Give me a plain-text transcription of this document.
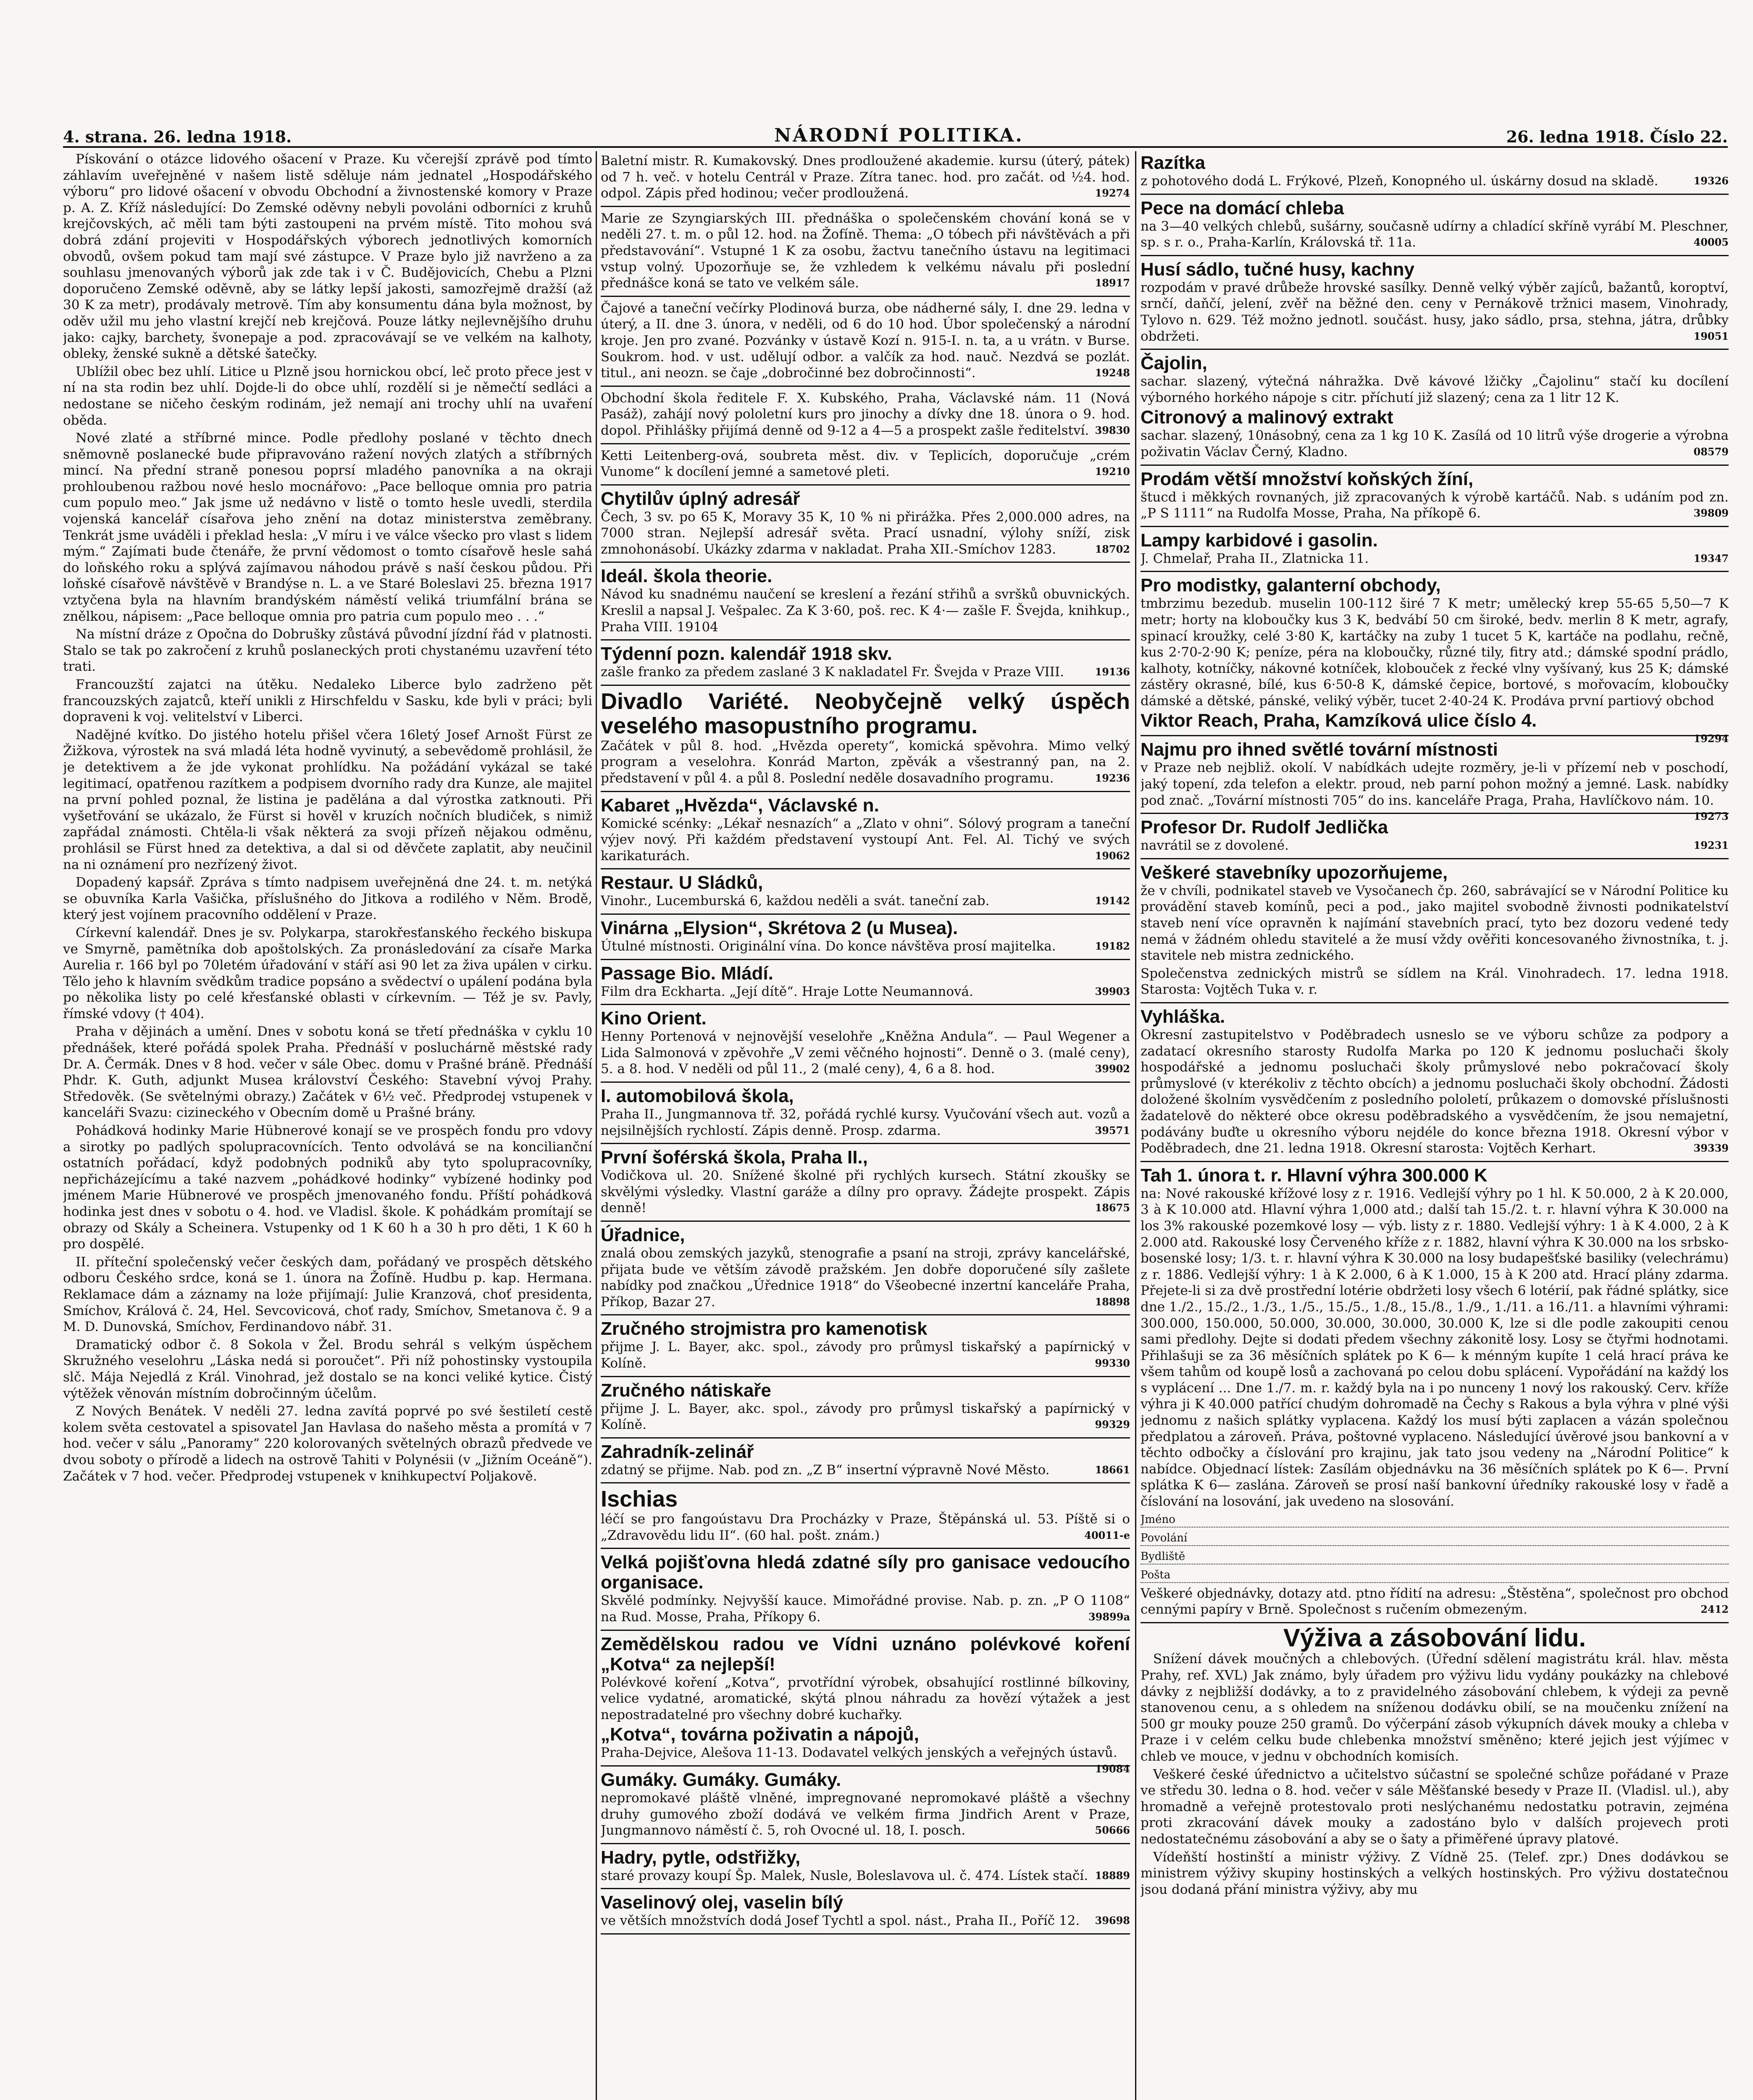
4. strana. 26. ledna 1918.	NÁRODNÍ POLITIKA.	26. ledna 1918. Číslo 22.

Pískování o otázce lidového ošacení v Praze. Ku včerejší zprávě pod tímto záhlavím uveřejněné v našem listě sděluje nám jednatel „Hospodářského výboru“ pro lidové ošacení v obvodu Obchodní a živnostenské komory v Praze p. A. Z. Kříž následující: Do Zemské oděvny nebyli povoláni odborníci z kruhů krejčovských, ač měli tam býti zastoupeni na prvém místě. Tito mohou svá dobrá zdání projeviti v Hospodářských výborech jednotlivých komorních obvodů, ovšem pokud tam mají své zástupce. V Praze bylo již navrženo a za souhlasu jmenovaných výborů jak zde tak i v Č. Budějovicích, Chebu a Plzni doporučeno Zemské oděvně, aby se látky lepší jakosti, samozřejmě dražší (až 30 K za metr), prodávaly metrově. Tím aby konsumentu dána byla možnost, by oděv užil mu jeho vlastní krejčí neb krejčová. Pouze látky nejlevnějšího druhu jako: cajky, barchety, švonepaje a pod. zpracovávají se ve velkém na kalhoty, obleky, ženské sukně a dětské šatečky.

Ublížil obec bez uhlí. Litice u Plzně jsou hornickou obcí, leč proto přece jest v ní na sta rodin bez uhlí. Dojde-li do obce uhlí, rozdělí si je němečtí sedláci a nedostane se ničeho českým rodinám, jež nemají ani trochy uhlí na uvaření oběda.

Nové zlaté a stříbrné mince. Podle předlohy poslané v těchto dnech sněmovně poslanecké bude připravováno ražení nových zlatých a stříbrných mincí. Na přední straně ponesou poprsí mladého panovníka a na okraji prohloubenou ražbou nové heslo mocnářovo: „Pace belloque omnia pro patria cum populo meo.“ Jak jsme už nedávno v listě o tomto hesle uvedli, sterdila vojenská kancelář císařova jeho znění na dotaz ministerstva zeměbrany. Tenkrát jsme uváděli i překlad hesla: „V míru i ve válce všecko pro vlast s lidem mým.“ Zajímati bude čtenáře, že první vědomost o tomto císařově hesle sahá do loňského roku a splývá zajímavou náhodou právě s naší českou půdou. Při loňské císařově návštěvě v Brandýse n. L. a ve Staré Boleslavi 25. března 1917 vztyčena byla na hlavním brandýském náměstí veliká triumfální brána se znělkou, nápisem: „Pace belloque omnia pro patria cum populo meo . . .“

Na místní dráze z Opočna do Dobrušky zůstává původní jízdní řád v platnosti. Stalo se tak po zakročení z kruhů poslaneckých proti chystanému uzavření této trati.

Francouzští zajatci na útěku. Nedaleko Liberce bylo zadrženo pět francouzských zajatců, kteří unikli z Hirschfeldu v Sasku, kde byli v práci; byli dopraveni k voj. velitelství v Liberci.

Nadějné kvítko. Do jistého hotelu přišel včera 16letý Josef Arnošt Fürst ze Žižkova, výrostek na svá mladá léta hodně vyvinutý, a sebevědomě prohlásil, že je detektivem a že jde vykonat prohlídku. Na požádání vykázal se také legitimací, opatřenou razítkem a podpisem dvorního rady dra Kunze, ale majitel na první pohled poznal, že listina je padělána a dal výrostka zatknouti. Při vyšetřování se ukázalo, že Fürst si hověl v kruzích nočních bludiček, s nimiž zapřádal známosti. Chtěla-li však některá za svoji přízeň nějakou odměnu, prohlásil se Fürst hned za detektiva, a dal si od děvčete zaplatit, aby neučinil na ni oznámení pro nezřízený život.

Dopadený kapsář. Zpráva s tímto nadpisem uveřejněná dne 24. t. m. netýká se obuvníka Karla Vašička, příslušného do Jitkova a rodilého v Něm. Brodě, který jest vojínem pracovního oddělení v Praze.

Církevní kalendář. Dnes je sv. Polykarpa, starokřesťanského řeckého biskupa ve Smyrně, pamětníka dob apoštolských. Za pronásledování za císaře Marka Aurelia r. 166 byl po 70letém úřadování v stáří asi 90 let za živa upálen v cirku. Tělo jeho k hlavním svědkům tradice popsáno a svědectví o upálení podána byla po několika listy po celé křesťanské oblasti v církevním. — Též je sv. Pavly, římské vdovy († 404).

Praha v dějinách a umění. Dnes v sobotu koná se třetí přednáška v cyklu 10 přednášek, které pořádá spolek Praha. Přednáší v posluchárně městské rady Dr. A. Čermák. Dnes v 8 hod. večer v sále Obec. domu v Prašné bráně. Přednáší Phdr. K. Guth, adjunkt Musea království Českého: Stavební vývoj Prahy. Středověk. (Se světelnými obrazy.) Začátek v 6½ več. Předprodej vstupenek v kanceláři Svazu: cizineckého v Obecním domě u Prašné brány.

Pohádková hodinky Marie Hübnerové konají se ve prospěch fondu pro vdovy a sirotky po padlých spolupracovnících. Tento odvolává se na koncilianční ostatních pořádací, když podobných podniků aby tyto spolupracovníky, nepřicházejícímu a také nazvem „pohádkové hodinky“ vybízené hodinky pod jménem Marie Hübnerové ve prospěch jmenovaného fondu. Příští pohádková hodinka jest dnes v sobotu o 4. hod. ve Vladisl. škole. K pohádkám promítají se obrazy od Skály a Scheinera. Vstupenky od 1 K 60 h a 30 h pro děti, 1 K 60 h pro dospělé.

II. příteční společenský večer českých dam, pořádaný ve prospěch dětského odboru Českého srdce, koná se 1. února na Žofíně. Hudbu p. kap. Hermana. Reklamace dám a záznamy na loże přijímají: Julie Kranzová, choť presidenta, Smíchov, Králová č. 24, Hel. Sevcovicová, choť rady, Smíchov, Smetanova č. 9 a M. D. Dunovská, Smíchov, Ferdinandovo nábř. 31.

Dramatický odbor č. 8 Sokola v Žel. Brodu sehrál s velkým úspěchem Skružného veselohru „Láska nedá si poroučet“. Při níž pohostinsky vystoupila slč. Mája Nejedlá z Král. Vinohrad, jež dostalo se na konci veliké kytice. Čistý výtěžek věnován místním dobročinným účelům.

Z Nových Benátek. V neděli 27. ledna zavítá poprvé po své šestiletí cestě kolem světa cestovatel a spisovatel Jan Havlasa do našeho města a promítá v 7 hod. večer v sálu „Panoramy“ 220 kolorovaných světelných obrazů předvede ve dvou soboty o přírodě a lidech na ostrově Tahiti v Polynésii (v „Jižním Oceáně“). Začátek v 7 hod. večer. Předprodej vstupenek v knihkupectví Poljakově.

Baletní mistr. R. Kumakovský. Dnes prodloužené akademie. kursu (úterý, pátek) od 7 h. več. v hotelu Centrál v Praze. Zítra tanec. hod. pro začát. od ½4. hod. odpol. Zápis před hodinou; večer prodloužená.	19274

Marie ze Szyngiarských III. přednáška o společenském chování koná se v neděli 27. t. m. o půl 12. hod. na Žofíně. Thema: „O tóbech při návštěvách a při představování“. Vstupné 1 K za osobu, žactvu tanečního ústavu na legitimaci vstup volný. Upozorňuje se, že vzhledem k velkému návalu při poslední přednášce koná se tato ve velkém sále.	18917

Čajové a taneční večírky Plodinová burza, obe nádherné sály, I. dne 29. ledna v úterý, a II. dne 3. února, v neděli, od 6 do 10 hod. Úbor společenský a národní kroje. Jen pro zvané. Pozvánky v ústavě Kozí n. 915-I. n. ta, a u vrátn. v Burse. Soukrom. hod. v ust. udělují odbor. a valčík za hod. nauč. Nezdvá se pozlát. titul., ani neozn. se čaje „dobročinné bez dobročinnosti“.	19248

Obchodní škola ředitele F. X. Kubského, Praha, Václavské nám. 11 (Nová Pasáž), zahájí nový pololetní kurs pro jinochy a dívky dne 18. února o 9. hod. dopol. Přihlášky přijímá denně od 9-12 a 4—5 a prospekt zašle ředitelství. 39830

Ketti Leitenberg-ová, soubreta měst. div. v Teplicích, doporučuje „crém Vunome“ k docílení jemné a sametové pleti.	19210

Chytilův úplný adresář

Čech, 3 sv. po 65 K, Moravy 35 K, 10 % ni přirážka. Přes 2,000.000 adres, na 7000 stran. Nejlepší adresář světa. Prací usnadní, výlohy sníží, zisk zmnohonásobí. Ukázky zdarma v nakladat. Praha XII.-Smíchov 1283.	18702

Ideál. škola theorie.

Návod ku snadnému naučení se kreslení a řezání střihů a svršků obuvnických. Kreslil a napsal J. Vešpalec. Za K 3·60, poš. rec. K 4·— zašle F. Švejda, knihkup., Praha VIII. 19104

Týdenní pozn. kalendář 1918 skv.

zašle franko za předem zaslané 3 K nakladatel Fr. Švejda v Praze VIII.	19136

Divadlo Variété. Neobyčejně velký úspěch veselého masopustního programu.

Začátek v půl 8. hod. „Hvězda operety“, komická spěvohra. Mimo velký program a veselohra. Konrád Marton, zpěvák a všestranný pan, na 2. představení v půl 4. a půl 8. Poslední neděle dosavadního programu.	19236

Kabaret „Hvězda“, Václavské n.

Komické scénky: „Lékař nesnazích“ a „Zlato v ohni“. Sólový program a taneční výjev nový. Při každém představení vystoupí Ant. Fel. Al. Tichý ve svých karikaturách.	19062

Restaur. U Sládků,

Vinohr., Lucemburská 6, každou neděli a svát. taneční zab.	19142

Vinárna „Elysion“, Skrétova 2 (u Musea).

Útulné místnosti. Originální vína. Do konce návštěva prosí majitelka.	19182

Passage Bio. Mládí.

Film dra Eckharta. „Její dítě“. Hraje Lotte Neumannová.	39903

Kino Orient.

Henny Portenová v nejnovější veselohře „Kněžna Andula“. — Paul Wegener a Lida Salmonová v zpěvohře „V zemi věčného hojnosti“. Denně o 3. (malé ceny), 5. a 8. hod. V neděli od půl 11., 2 (malé ceny), 4, 6 a 8. hod.	39902

I. automobilová škola,

Praha II., Jungmannova tř. 32, pořádá rychlé kursy. Vyučování všech aut. vozů a nejsilnějších rychlostí. Zápis denně. Prosp. zdarma.	39571

První šoférská škola, Praha II.,

Vodičkova ul. 20. Snížené školné při rychlých kursech. Státní zkoušky se skvělými výsledky. Vlastní garáže a dílny pro opravy. Žádejte prospekt. Zápis denně!	18675

Úřadnice,

znalá obou zemských jazyků, stenografie a psaní na stroji, zprávy kancelářské, přijata bude ve větším závodě pražském. Jen dobře doporučené síly zašlete nabídky pod značkou „Úřednice 1918“ do Všeobecné inzertní kanceláře Praha, Příkop, Bazar 27.	18898

Zručného strojmistra pro kamenotisk

přijme J. L. Bayer, akc. spol., závody pro průmysl tiskařský a papírnický v Kolíně.	99330

Zručného nátiskaře

přijme J. L. Bayer, akc. spol., závody pro průmysl tiskařský a papírnický v Kolíně.	99329

Zahradník-zelinář

zdatný se přijme. Nab. pod zn. „Z B“ insertní výpravně Nové Město.	18661

Ischias

léčí se pro fangoústavu Dra Procházky v Praze, Štěpánská ul. 53. Píště si o „Zdravovědu lidu II“. (60 hal. pošt. znám.)	40011-e

Velká pojišťovna hledá zdatné síly pro ganisace vedoucího organisace.

Skvělé podmínky. Nejvyšší kauce. Mimořádné provise. Nab. p. zn. „P O 1108“ na Rud. Mosse, Praha, Příkopy 6.	39899a

Zemědělskou radou ve Vídni uznáno polévkové koření „Kotva“ za nejlepší!

Polévkové koření „Kotva“, prvotřídní výrobek, obsahující rostlinné bílkoviny, velice vydatné, aromatické, skýtá plnou náhradu za hovězí výtažek a jest nepostradatelné pro všechny dobré kuchařky.

„Kotva“, továrna poživatin a nápojů,

Praha-Dejvice, Alešova 11-13. Dodavatel velkých jenských a veřejných ústavů.
19084

Gumáky. Gumáky. Gumáky.

nepromokavé pláště vlněné, impregnované nepromokavé pláště a všechny druhy gumového zboží dodává ve velkém firma Jindřich Arent v Praze, Jungmannovo náměstí č. 5, roh Ovocné ul. 18, I. posch.	50666

Hadry, pytle, odstřižky,

staré provazy koupí Šp. Malek, Nusle, Boleslavova ul. č. 474. Lístek stačí. 18889

Vaselinový olej, vaselin bílý

ve větších množstvích dodá Josef Tychtl a spol. nást., Praha II., Poříč 12. 39698

Razítka

z pohotového dodá L. Frýkové, Plzeň, Konopného ul. úskárny dosud na skladě.	19326

Pece na domácí chleba

na 3—40 velkých chlebů, sušárny, současně udírny a chladící skříně vyrábí M. Pleschner, sp. s r. o., Praha-Karlín, Královská tř. 11a.	40005

Husí sádlo, tučné husy, kachny

rozpodám v pravé drůbeže hrovské sasílky. Denně velký výběr zajíců, bažantů, koroptví, srnčí, daňčí, jelení, zvěř na běžné den. ceny v Pernákově tržnici masem, Vinohrady, Tylovo n. 629. Též možno jednotl. součást. husy, jako sádlo, prsa, stehna, játra, drůbky obdržeti.	19051

Čajolin,

sachar. slazený, výtečná náhražka. Dvě kávové lžičky „Čajolinu“ stačí ku docílení výborného horkého nápoje s citr. příchutí již slazený; cena za 1 litr 12 K.

Citronový a malinový extrakt

sachar. slazený, 10násobný, cena za 1 kg 10 K. Zasílá od 10 litrů výše drogerie a výrobna poživatin Václav Černý, Kladno.	08579

Prodám větší množství koňských žíní,

štucd i měkkých rovnaných, již zpracovaných k výrobě kartáčů. Nab. s udáním pod zn. „P S 1111“ na Rudolfa Mosse, Praha, Na příkopě 6.	39809

Lampy karbidové i gasolin.

J. Chmelař, Praha II., Zlatnicka 11.	19347

Pro modistky, galanterní obchody,

tmbrzimu bezedub. muselin 100-112 širé 7 K metr; umělecký krep 55-65 5,50—7 K metr; horty na kloboučky kus 3 K, bedvábí 50 cm široké, bedv. merlin 8 K metr, agrafy, spinací kroužky, celé 3·80 K, kartáčky na zuby 1 tucet 5 K, kartáče na podlahu, rečně, kus 2·70-2·90 K; peníze, péra na kloboučky, různé tily, fitry atd.; dámské spodní prádlo, kalhoty, kotníčky, nákovné kotníček, klobouček z řecké vlny vyšívaný, kus 25 K; dámské zástěry okrasné, bílé, kus 6·50-8 K, dámské čepice, bortové, s mořovacím, kloboučky dámské a dětské, pánské, veliký výběr, tucet 2·40-24 K. Prodáva první partiový obchod

Viktor Reach, Praha, Kamzíková ulice číslo 4.

19294

Najmu pro ihned světlé tovární místnosti

v Praze neb nejbliž. okolí. V nabídkách udejte rozměry, je-li v přízemí neb v poschodí, jaký topení, zda telefon a elektr. proud, neb parní pohon možný a jemné. Lask. nabídky pod znač. „Tovární místnosti 705“ do ins. kanceláře Praga, Praha, Havlíčkovo nám. 10.
19273

Profesor Dr. Rudolf Jedlička

navrátil se z dovolené.	19231

Veškeré stavebníky upozorňujeme,

že v chvíli, podnikatel staveb ve Vysočanech čp. 260, sabrávající se v Národní Politice ku provádění staveb komínů, peci a pod., jako majitel svobodně živnosti podnikatelství staveb není více opravněn k najímání stavebních prací, tyto bez dozoru vedené tedy nemá v žádném ohledu stavitelé a že musí vždy ověřiti koncesovaného živnostníka, t. j. stavitele neb mistra zednického.

Společenstva zednických mistrů se sídlem na Král. Vinohradech. 17. ledna 1918. Starosta: Vojtěch Tuka v. r.

Vyhláška.

Okresní zastupitelstvo v Poděbradech usneslo se ve výboru schůze za podpory a zadatací okresního starosty Rudolfa Marka po 120 K jednomu posluchači školy hospodářské a jednomu posluchači školy průmyslové nebo pokračovací školy průmyslové (v kterékoliv z těchto obcích) a jednomu posluchači školy obchodní. Žádosti doložené školním vysvědčením z posledního pololetí, průkazem o domovské příslušnosti žadatelově do některé obce okresu poděbradského a vysvědčením, že jsou nemajetní, podávány buďte u okresního výboru nejdéle do konce března 1918. Okresní výbor v Poděbradech, dne 21. ledna 1918. Okresní starosta: Vojtěch Kerhart.	39339

Tah 1. února t. r. Hlavní výhra 300.000 K

na: Nové rakouské křížové losy z r. 1916. Vedlejší výhry po 1 hl. K 50.000, 2 à K 20.000, 3 à K 10.000 atd. Hlavní výhra 1,000 atd.; další tah 15./2. t. r. hlavní výhra K 30.000 na los 3% rakouské pozemkové losy — výb. listy z r. 1880. Vedlejší výhry: 1 à K 4.000, 2 à K 2.000 atd. Rakouské losy Červeného kříže z r. 1882, hlavní výhra K 30.000 na los srbsko-bosenské losy; 1/3. t. r. hlavní výhra K 30.000 na losy budapešťské basiliky (velechrámu) z r. 1886. Vedlejší výhry: 1 à K 2.000, 6 à K 1.000, 15 à K 200 atd. Hrací plány zdarma. Přejete-li si za dvě prostřední lotérie obdržeti losy všech 6 lotérií, pak řádné splátky, sice dne 1./2., 15./2., 1./3., 1./5., 15./5., 1./8., 15./8., 1./9., 1./11. a 16./11. a hlavními výhrami: 300.000, 150.000, 50.000, 30.000, 30.000, 30.000 K, lze si dle podle zakoupiti cenou sami předlohy. Dejte si dodati předem všechny zákonitě losy. Losy se čtyřmi hodnotami. Přihlašuji se za 36 měsíčních splátek po K 6— k ménným kupíte 1 celá hrací práva ke všem tahům od koupě losů a zachovaná po celou dobu splácení. Vypořádání na každý los s vyplácení ... Dne 1./7. m. r. každý byla na i po nunceny 1 nový los rakouský. Cerv. kříže výhra ji K 40.000 patřící chudým dohromadě na Čechy s Rakous a byla výhra v plné výši jednomu z našich splátky vyplacena. Každý los musí býti zaplacen a vázán společnou předplatou a zároveň. Práva, poštovné vyplaceno. Následující úvěrové jsou bankovní a v těchto odbočky a číslování pro krajinu, jak tato jsou vedeny na „Národní Politice“ k nabídce. Objednací lístek: Zasílám objednávku na 36 měsíčních splátek po K 6—. První splátka K 6— zaslána. Zároveň se prosí naší bankovní úředníky rakouské losy v řadě a číslování na losování, jak uvedeno na slosování.

Jméno
Povolání
Bydliště
Pošta

Veškeré objednávky, dotazy atd. ptno řídití na adresu: „Štěstěna“, společnost pro obchod cennými papíry v Brně. Společnost s ručením obmezeným.	2412

Výživa a zásobování lidu.

Snížení dávek moučných a chlebových. (Úřední sdělení magistrátu král. hlav. města Prahy, ref. XVL) Jak známo, byly úřadem pro výživu lidu vydány poukázky na chlebové dávky z nejbližší dodávky, a to z pravidelného zásobování chlebem, k výdeji za pevně stanovenou cenu, a s ohledem na sníženou dodávku obilí, se na moučenku znížení na 500 gr mouky pouze 250 gramů. Do výčerpání zásob výkupních dávek mouky a chleba v Praze i v celém celku bude chlebenka množství směněno; které jejich jest výjímec v chleb ve mouce, v jednu v obchodních komisích.

Veškeré české úřednictvo a učitelstvo súčastní se společné schůze pořádané v Praze ve středu 30. ledna o 8. hod. večer v sále Měšťanské besedy v Praze II. (Vladisl. ul.), aby hromadně a veřejně protestovalo proti neslýchanému nedostatku potravin, zejména proti zkracování dávek mouky a zadostáno bylo v dalších projevech proti nedostatečnému zásobování a aby se o šaty a přiměřené úpravy platové.

Vídeňští hostinští a ministr výživy. Z Vídně 25. (Telef. zpr.) Dnes dodávkou se ministrem výživy skupiny hostinských a velkých hostinských. Pro výživu dostatečnou jsou dodaná přání ministra výživy, aby mu
